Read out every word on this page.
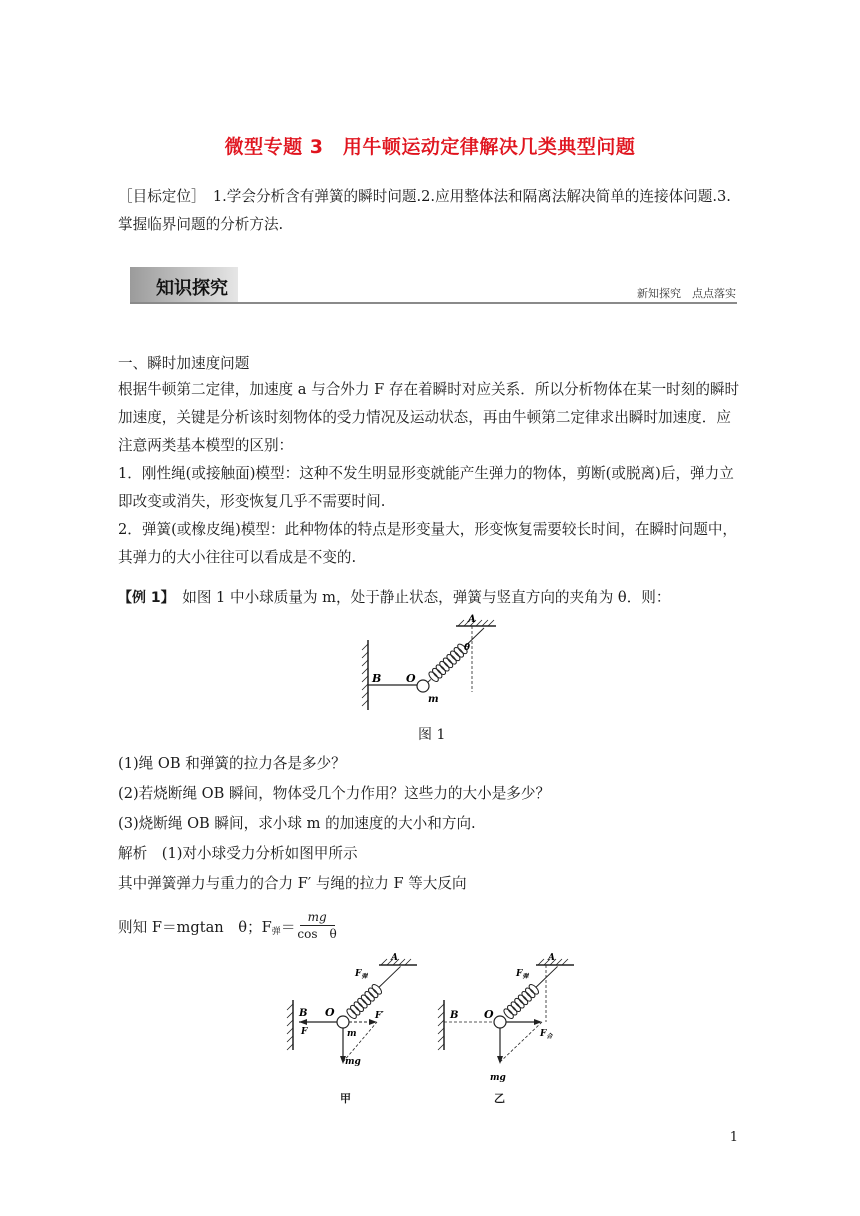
微型专题 3　用牛顿运动定律解决几类典型问题
［目标定位］　1.学会分析含有弹簧的瞬时问题.2.应用整体法和隔离法解决简单的连接体问题.3.掌握临界问题的分析方法.
知识探究	新知探究　点点落实
一、瞬时加速度问题
根据牛顿第二定律，加速度 a 与合外力 F 存在着瞬时对应关系．所以分析物体在某一时刻的瞬时加速度，关键是分析该时刻物体的受力情况及运动状态，再由牛顿第二定律求出瞬时加速度．应注意两类基本模型的区别：
1．刚性绳(或接触面)模型：这种不发生明显形变就能产生弹力的物体，剪断(或脱离)后，弹力立即改变或消失，形变恢复几乎不需要时间.
2．弹簧(或橡皮绳)模型：此种物体的特点是形变量大，形变恢复需要较长时间，在瞬时问题中，其弹力的大小往往可以看成是不变的.
【例 1】　如图 1 中小球质量为 m，处于静止状态，弹簧与竖直方向的夹角为 θ．则：
B O
m
A
θ
图 1
(1)绳 OB 和弹簧的拉力各是多少？
(2)若烧断绳 OB 瞬间，物体受几个力作用？这些力的大小是多少？
(3)烧断绳 OB 瞬间，求小球 m 的加速度的大小和方向.
解析　(1)对小球受力分析如图甲所示
其中弹簧弹力与重力的合力 F′ 与绳的拉力 F 等大反向
则知 F＝mgtan　θ；$F_弹 = \frac{mg}{\text{cos　θ}}$
B O
F	m
F′
mg
A
$F_弹$
甲
B O
$F_合$
mg
A
$F_弹$
乙
1
